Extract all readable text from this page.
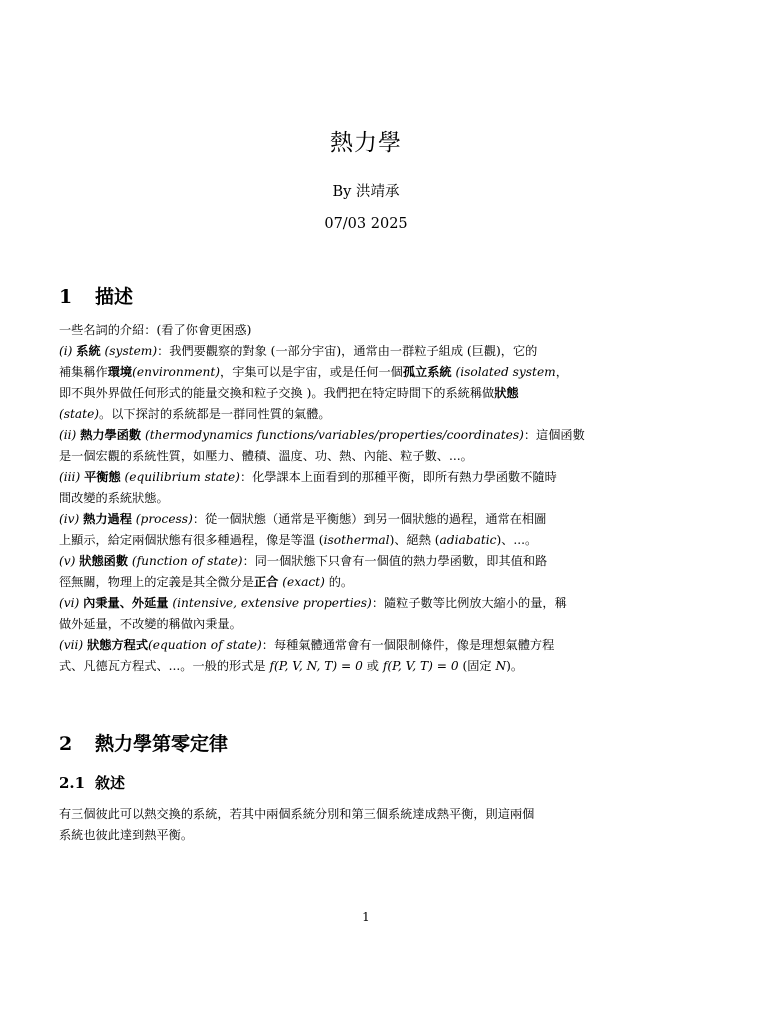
熱力學
By 洪靖承
07/03 2025
1 描述
一些名詞的介紹：(看了你會更困惑)
(i) 系統 (system)：我們要觀察的對象 (一部分宇宙)，通常由一群粒子組成 (巨觀)，它的
補集稱作環境(environment)，宇集可以是宇宙，或是任何一個孤立系統 (isolated system，
即不與外界做任何形式的能量交換和粒子交換 )。我們把在特定時間下的系統稱做狀態
(state)。以下探討的系統都是一群同性質的氣體。
(ii) 熱力學函數 (thermodynamics functions/variables/properties/coordinates)：這個函數
是一個宏觀的系統性質，如壓力、體積、溫度、功、熱、內能、粒子數、...。
(iii) 平衡態 (equilibrium state)：化學課本上面看到的那種平衡，即所有熱力學函數不隨時
間改變的系統狀態。
(iv) 熱力過程 (process)：從一個狀態（通常是平衡態）到另一個狀態的過程，通常在相圖
上顯示，給定兩個狀態有很多種過程，像是等溫 (isothermal)、絕熱 (adiabatic)、...。
(v) 狀態函數 (function of state)：同一個狀態下只會有一個值的熱力學函數，即其值和路
徑無關，物理上的定義是其全微分是正合 (exact) 的。
(vi) 內秉量、外延量 (intensive, extensive properties)：隨粒子數等比例放大縮小的量，稱
做外延量，不改變的稱做內秉量。
(vii) 狀態方程式(equation of state)：每種氣體通常會有一個限制條件，像是理想氣體方程
式、凡德瓦方程式、...。一般的形式是 f(P, V, N, T) = 0 或 f(P, V, T) = 0 (固定 N)。
2 熱力學第零定律
2.1 敘述
有三個彼此可以熱交換的系統，若其中兩個系統分別和第三個系統達成熱平衡，則這兩個
系統也彼此達到熱平衡。
1
